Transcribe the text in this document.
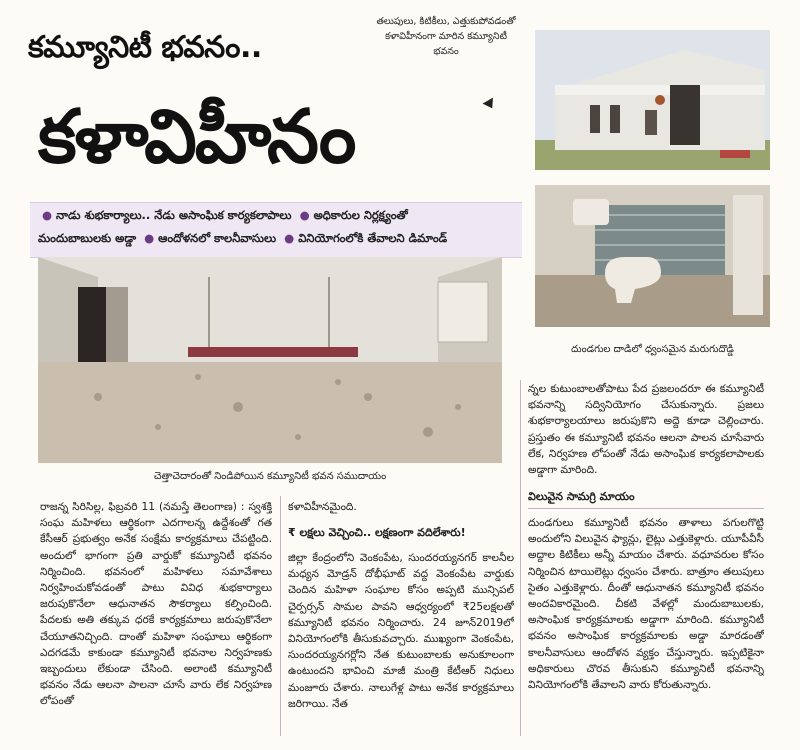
కమ్యూనిటీ భవనం..
తలుపులు, కిటికీలు, ఎత్తుకుపోవడంతో కళావిహీనంగా మారిన కమ్యూనిటీ భవనం
కళావిహీనం
● నాడు శుభకార్యాలు.. నేడు అసాంఘిక కార్యకలాపాలు ● అధికారుల నిర్లక్ష్యంతో
మందుబాబులకు అడ్డా ● ఆందోళనలో కాలనీవాసులు ● వినియోగంలోకి తేవాలని డిమాండ్
చెత్తాచెదారంతో నిండిపోయిన కమ్యూనిటీ భవన సముదాయం
దుండగుల దాడిలో ధ్వంసమైన మరుగుదొడ్డి
రాజన్న సిరిసిల్ల, ఫిబ్రవరి 11 (నమస్తే తెలంగాణ) : స్వశక్తి సంఘ మహిళలు ఆర్థికంగా ఎదగాలన్న ఉద్దేశంతో గత కేసీఆర్ ప్రభుత్వం అనేక సంక్షేమ కార్యక్రమాలు చేపట్టింది. అందులో భాగంగా ప్రతి వార్డుకో కమ్యూనిటీ భవనం నిర్మించింది. భవనంలో మహిళలు సమావేశాలు నిర్వహించుకోవడంతో పాటు వివిధ శుభకార్యాలు జరుపుకొనేలా ఆధునాతన సౌకర్యాలు కల్పించింది. పేదలకు అతి తక్కువ ధరకే కార్యక్రమాలు జరుపుకొనేలా చేయూతనిచ్చింది. దాంతో మహిళా సంఘాలు ఆర్థికంగా ఎదగడమే కాకుండా కమ్యూనిటీ భవనాల నిర్వహణకు ఇబ్బందులు లేకుండా చేసింది. అలాంటి కమ్యూనిటీ భవనం నేడు ఆలనా పాలనా చూసే వారు లేక నిర్వహణ లోపంతో
కళావిహీనమైంది.
₹ లక్షలు వెచ్చించి.. లక్షణంగా వదిలేశారు!
జిల్లా కేంద్రంలోని వెంకంపేట, సుందరయ్యనగర్ కాలనీల మధ్యన మోడ్రన్ దోభీఘాట్ వద్ద వెంకంపేట వార్డుకు చెందిన మహిళా సంఘాల కోసం అప్పటి మున్సిపల్ చైర్పర్సన్ సామల పావని ఆధ్వర్యంలో ₹25లక్షలతో కమ్యూనిటీ భవనం నిర్మించారు. 24 జూన్2019లో వినియోగంలోకి తీసుకువచ్చారు. ముఖ్యంగా వెంకంపేట, సుందరయ్యనగర్లోని నేత కుటుంబాలకు అనుకూలంగా ఉంటుందని భావించి మాజీ మంత్రి కేటీఆర్ నిధులు మంజూరు చేశారు. నాలుగేళ్ల పాటు అనేక కార్యక్రమాలు జరిగాయి. నేత
న్నల కుటుంబాలతోపాటు పేద ప్రజలందరూ ఈ కమ్యూనిటీ భవనాన్ని సద్వినియోగం చేసుకున్నారు. ప్రజలు శుభకార్యాలయాలు జరుపుకొని అద్దె కూడా చెల్లించారు. ప్రస్తుతం ఈ కమ్యూనిటీ భవనం ఆలనా పాలన చూసేవారు లేక, నిర్వహణ లోపంతో నేడు అసాంఘిక కార్యకలాపాలకు అడ్డాగా మారింది.
విలువైన సామగ్రి మాయం
దుండగులు కమ్యూనిటీ భవనం తాళాలు పగులగొట్టి అందులోని విలువైన ఫ్యాన్లు, లైట్లు ఎత్తుకెళ్లారు. యూపీవీసీ అద్దాల కిటికీలు అన్నీ మాయం చేశారు. వధూవరుల కోసం నిర్మించిన టాయిలెట్లు ధ్వంసం చేశారు. బాత్రూం తలుపులు సైతం ఎత్తుకెళ్లారు. దీంతో ఆధునాతన కమ్యూనిటీ భవనం అందవికారమైంది. చీకటి వేళల్లో మందుబాబులకు, అసాంఘిక కార్యక్రమాలకు అడ్డాగా మారింది. కమ్యూనిటీ భవనం అసాంఘిక కార్యక్రమాలకు అడ్డా మారడంతో కాలనీవాసులు ఆందోళన వ్యక్తం చేస్తున్నారు. ఇప్పటికైనా అధికారులు చొరవ తీసుకుని కమ్యూనిటీ భవనాన్ని వినియోగంలోకి తేవాలని వారు కోరుతున్నారు.
